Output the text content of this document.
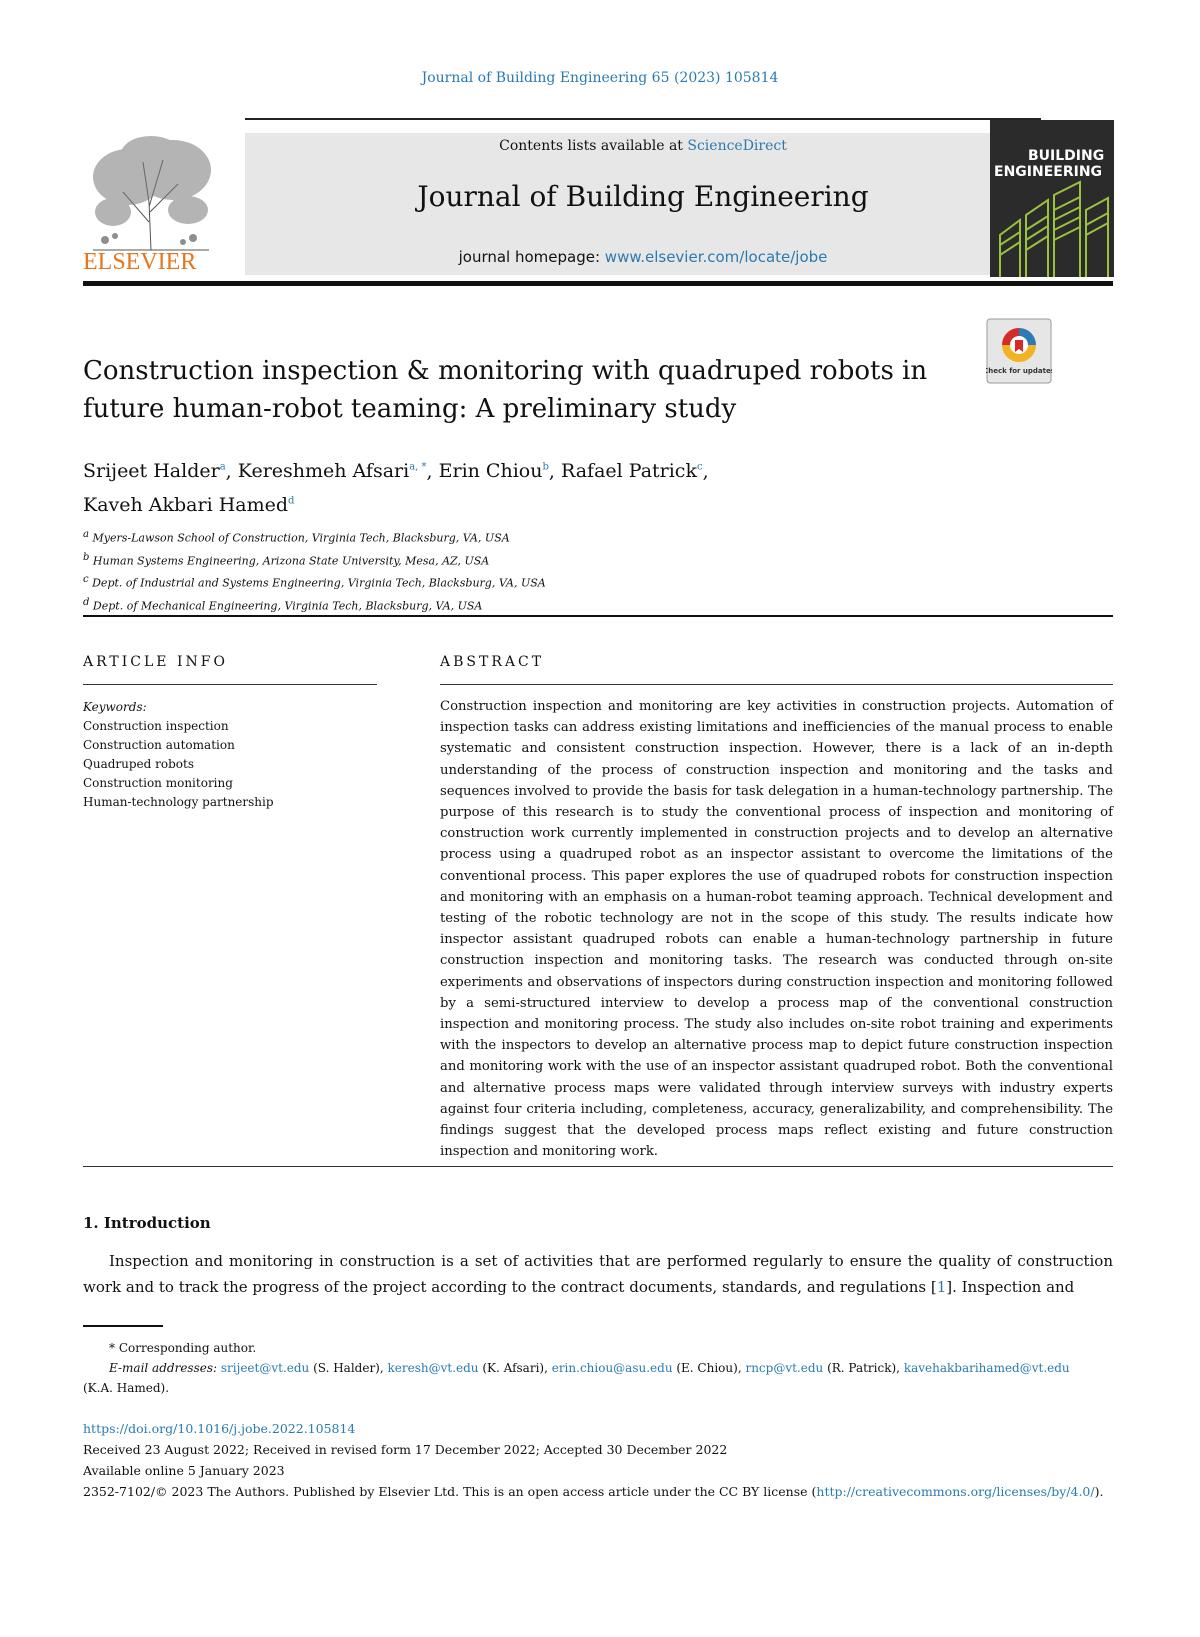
Journal of Building Engineering 65 (2023) 105814
Contents lists available at ScienceDirect
Journal of Building Engineering
journal homepage: www.elsevier.com/locate/jobe
ELSEVIER
BUILDING
ENGINEERING
Check for updates
Construction inspection & monitoring with quadruped robots in future human-robot teaming: A preliminary study
Srijeet Halder$^a$, Kereshmeh Afsari$^{a, *}$, Erin Chiou$^b$, Rafael Patrick$^c$,
Kaveh Akbari Hamed$^d$
$^a$ Myers-Lawson School of Construction, Virginia Tech, Blacksburg, VA, USA
$^b$ Human Systems Engineering, Arizona State University, Mesa, AZ, USA
$^c$ Dept. of Industrial and Systems Engineering, Virginia Tech, Blacksburg, VA, USA
$^d$ Dept. of Mechanical Engineering, Virginia Tech, Blacksburg, VA, USA
ARTICLE INFO
Keywords:
Construction inspection
Construction automation
Quadruped robots
Construction monitoring
Human-technology partnership
ABSTRACT
Construction inspection and monitoring are key activities in construction projects. Automation of inspection tasks can address existing limitations and inefficiencies of the manual process to enable systematic and consistent construction inspection. However, there is a lack of an in-depth understanding of the process of construction inspection and monitoring and the tasks and sequences involved to provide the basis for task delegation in a human-technology partnership. The purpose of this research is to study the conventional process of inspection and monitoring of construction work currently implemented in construction projects and to develop an alternative process using a quadruped robot as an inspector assistant to overcome the limitations of the conventional process. This paper explores the use of quadruped robots for construction inspection and monitoring with an emphasis on a human-robot teaming approach. Technical development and testing of the robotic technology are not in the scope of this study. The results indicate how inspector assistant quadruped robots can enable a human-technology partnership in future construction inspection and monitoring tasks. The research was conducted through on-site experiments and observations of inspectors during construction inspection and monitoring followed by a semi-structured interview to develop a process map of the conventional construction inspection and monitoring process. The study also includes on-site robot training and experiments with the inspectors to develop an alternative process map to depict future construction inspection and monitoring work with the use of an inspector assistant quadruped robot. Both the conventional and alternative process maps were validated through interview surveys with industry experts against four criteria including, completeness, accuracy, generalizability, and comprehensibility. The findings suggest that the developed process maps reflect existing and future construction inspection and monitoring work.
1. Introduction
Inspection and monitoring in construction is a set of activities that are performed regularly to ensure the quality of construction work and to track the progress of the project according to the contract documents, standards, and regulations [1]. Inspection and
* Corresponding author.
E-mail addresses: srijeet@vt.edu (S. Halder), keresh@vt.edu (K. Afsari), erin.chiou@asu.edu (E. Chiou), rncp@vt.edu (R. Patrick), kavehakbarihamed@vt.edu
(K.A. Hamed).
https://doi.org/10.1016/j.jobe.2022.105814
Received 23 August 2022; Received in revised form 17 December 2022; Accepted 30 December 2022
Available online 5 January 2023
2352-7102/© 2023 The Authors. Published by Elsevier Ltd. This is an open access article under the CC BY license (http://creativecommons.org/licenses/by/4.0/).
